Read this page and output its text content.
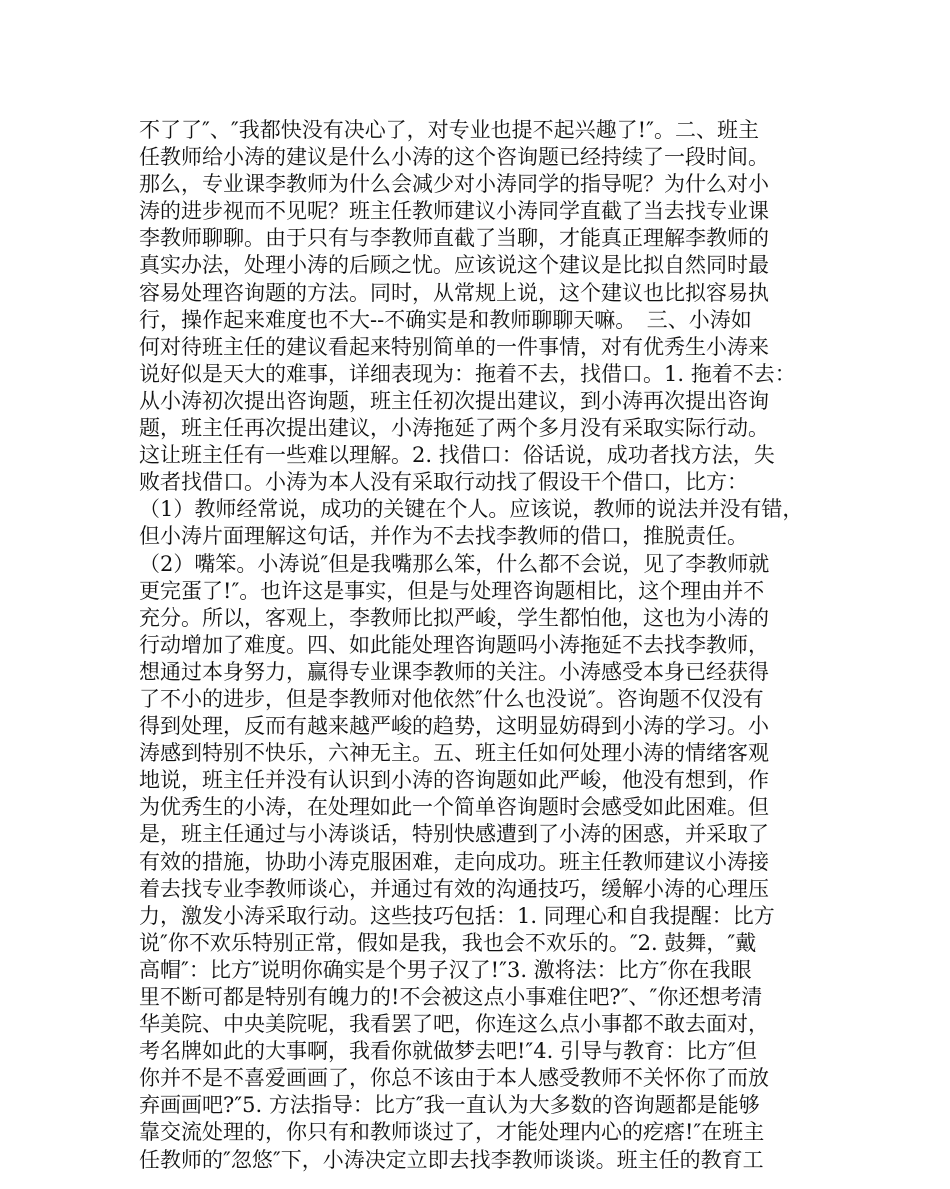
不了了″、″我都快没有决心了，对专业也提不起兴趣了!″。二、班主
任教师给小涛的建议是什么小涛的这个咨询题已经持续了一段时间。
那么，专业课李教师为什么会减少对小涛同学的指导呢？为什么对小
涛的进步视而不见呢？班主任教师建议小涛同学直截了当去找专业课
李教师聊聊。由于只有与李教师直截了当聊，才能真正理解李教师的
真实办法，处理小涛的后顾之忧。应该说这个建议是比拟自然同时最
容易处理咨询题的方法。同时，从常规上说，这个建议也比拟容易执
行，操作起来难度也不大--不确实是和教师聊聊天嘛。　三、小涛如
何对待班主任的建议看起来特别简单的一件事情，对有优秀生小涛来
说好似是天大的难事，详细表现为：拖着不去，找借口。1. 拖着不去：
从小涛初次提出咨询题，班主任初次提出建议，到小涛再次提出咨询
题，班主任再次提出建议，小涛拖延了两个多月没有采取实际行动。
这让班主任有一些难以理解。2. 找借口：俗话说，成功者找方法，失
败者找借口。小涛为本人没有采取行动找了假设干个借口，比方：
（1）教师经常说，成功的关键在个人。应该说，教师的说法并没有错，
但小涛片面理解这句话，并作为不去找李教师的借口，推脱责任。
（2）嘴笨。小涛说″但是我嘴那么笨，什么都不会说，见了李教师就
更完蛋了!″。也许这是事实，但是与处理咨询题相比，这个理由并不
充分。所以，客观上，李教师比拟严峻，学生都怕他，这也为小涛的
行动增加了难度。四、如此能处理咨询题吗小涛拖延不去找李教师，
想通过本身努力，赢得专业课李教师的关注。小涛感受本身已经获得
了不小的进步，但是李教师对他依然″什么也没说″。咨询题不仅没有
得到处理，反而有越来越严峻的趋势，这明显妨碍到小涛的学习。小
涛感到特别不快乐，六神无主。五、班主任如何处理小涛的情绪客观
地说，班主任并没有认识到小涛的咨询题如此严峻，他没有想到，作
为优秀生的小涛，在处理如此一个简单咨询题时会感受如此困难。但
是，班主任通过与小涛谈话，特别快感遭到了小涛的困惑，并采取了
有效的措施，协助小涛克服困难，走向成功。班主任教师建议小涛接
着去找专业李教师谈心，并通过有效的沟通技巧，缓解小涛的心理压
力，激发小涛采取行动。这些技巧包括：1. 同理心和自我提醒：比方
说″你不欢乐特别正常，假如是我，我也会不欢乐的。″2. 鼓舞，″戴
高帽″：比方″说明你确实是个男子汉了!″3. 激将法：比方″你在我眼
里不断可都是特别有魄力的!不会被这点小事难住吧?″、″你还想考清
华美院、中央美院呢，我看罢了吧，你连这么点小事都不敢去面对，
考名牌如此的大事啊，我看你就做梦去吧!″4. 引导与教育：比方″但
你并不是不喜爱画画了，你总不该由于本人感受教师不关怀你了而放
弃画画吧?″5. 方法指导：比方″我一直认为大多数的咨询题都是能够
靠交流处理的，你只有和教师谈过了，才能处理内心的疙瘩!″在班主
任教师的″忽悠″下，小涛决定立即去找李教师谈谈。班主任的教育工
